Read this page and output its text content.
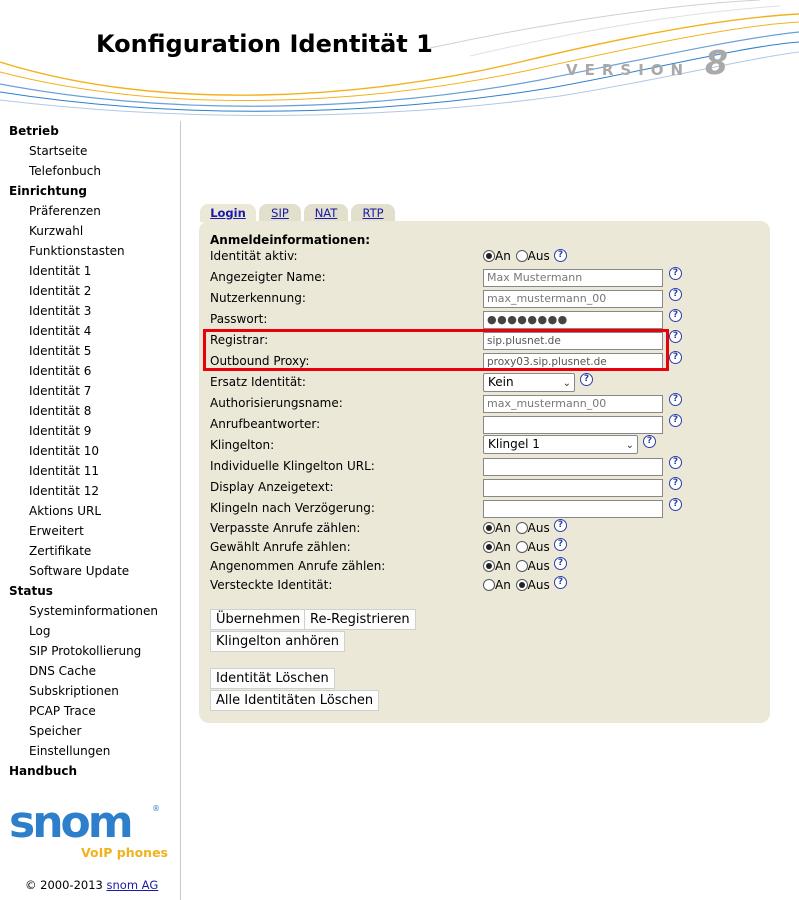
Konfiguration Identität 1
VERSION 8
Betrieb
Startseite
Telefonbuch
Einrichtung
Präferenzen
Kurzwahl
Funktionstasten
Identität 1
Identität 2
Identität 3
Identität 4
Identität 5
Identität 6
Identität 7
Identität 8
Identität 9
Identität 10
Identität 11
Identität 12
Aktions URL
Erweitert
Zertifikate
Software Update
Status
Systeminformationen
Log
SIP Protokollierung
DNS Cache
Subskriptionen
PCAP Trace
Speicher
Einstellungen
Handbuch
snom	®
VoIP phones
© 2000-2013 snom AG
Login	SIP	NAT	RTP
Anmeldeinformationen:
Identität aktiv:	An Aus ?
Angezeigter Name:	Max Mustermann	?
Nutzerkennung:	max_mustermann_00	?
Passwort:	●●●●●●●●	?
Registrar:	sip.plusnet.de	?
Outbound Proxy:	proxy03.sip.plusnet.de	?
Ersatz Identität:	Kein	⌄	?
Authorisierungsname:	max_mustermann_00	?
Anrufbeantworter:	?
Klingelton:	Klingel 1	⌄	?
Individuelle Klingelton URL:	?
Display Anzeigetext:	?
Klingeln nach Verzögerung:	?
Verpasste Anrufe zählen:	An Aus ?
Gewählt Anrufe zählen:	An Aus ?
Angenommen Anrufe zählen:	An Aus ?
Versteckte Identität:	An Aus ?
Übernehmen Re-Registrieren
Klingelton anhören
Identität Löschen
Alle Identitäten Löschen
